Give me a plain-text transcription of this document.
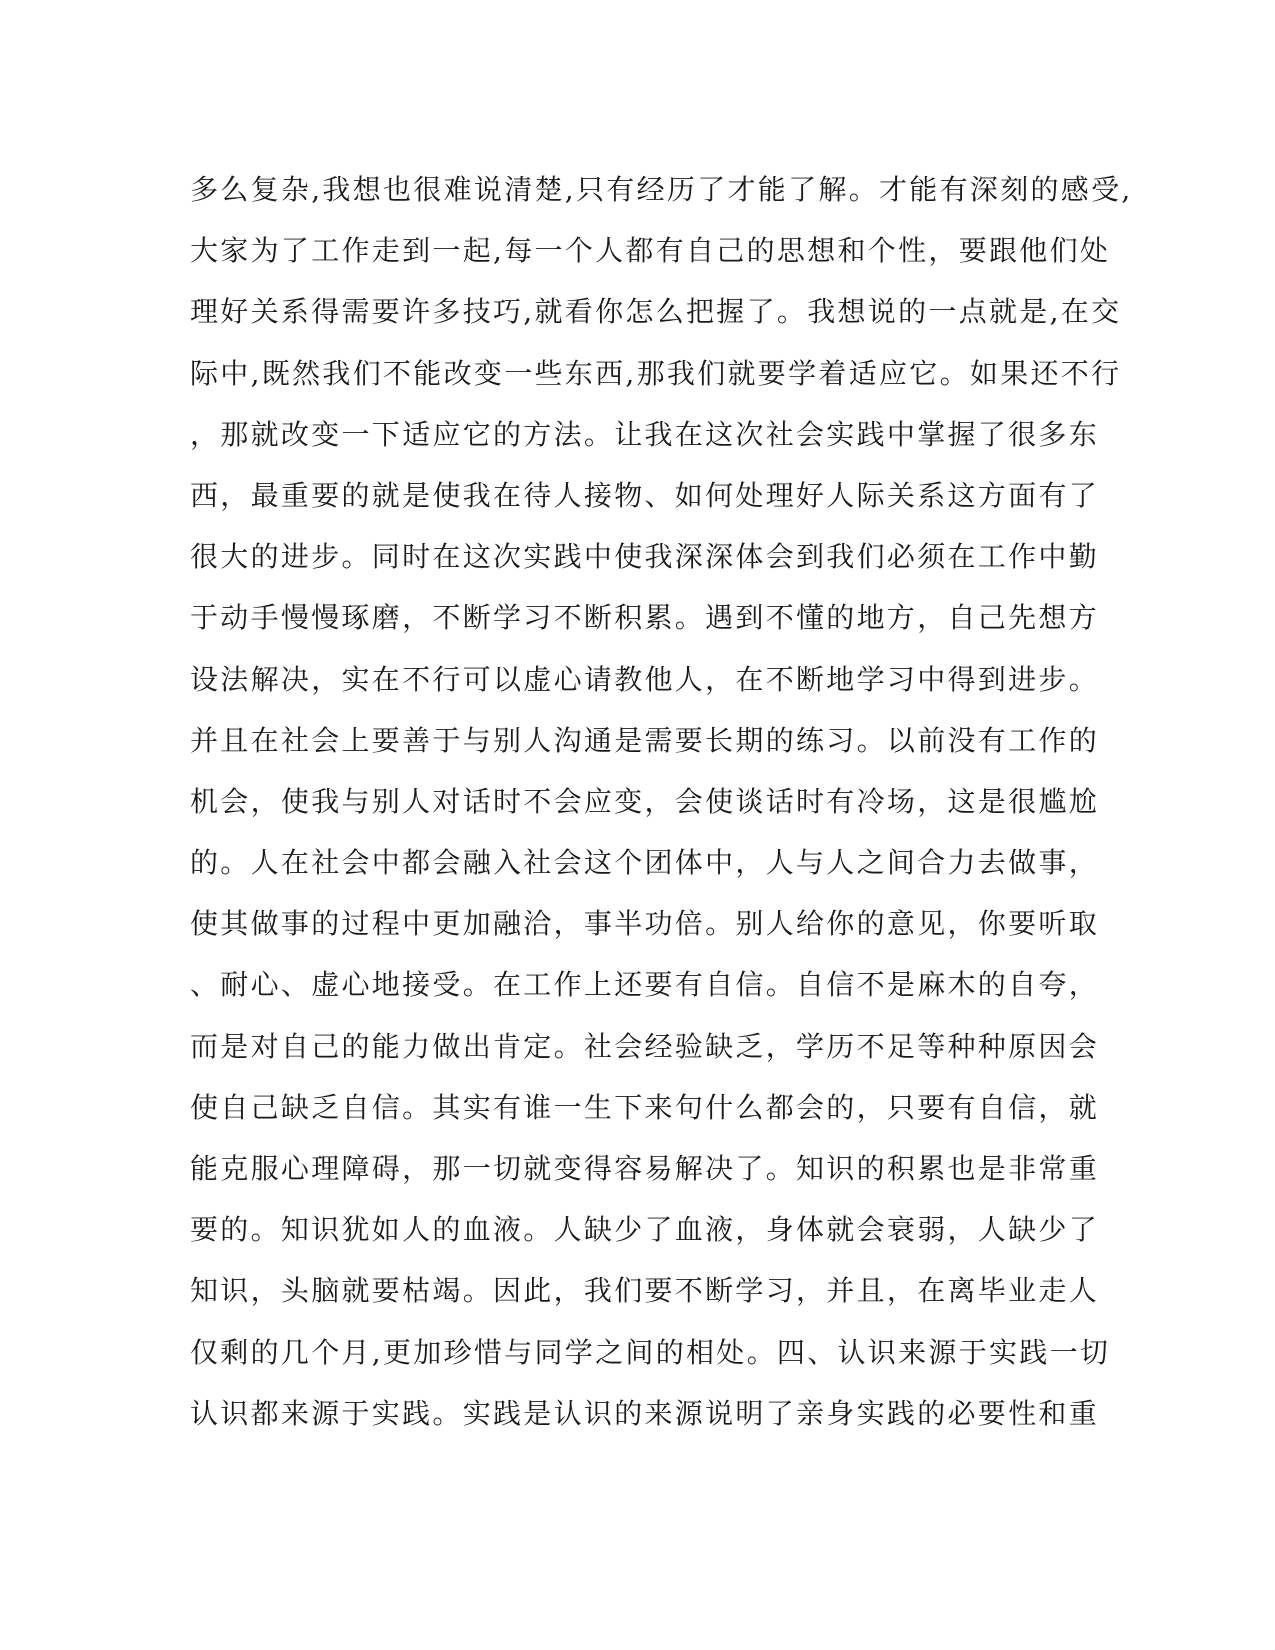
多么复杂,我想也很难说清楚,只有经历了才能了解。才能有深刻的感受,
大家为了工作走到一起,每一个人都有自己的思想和个性，要跟他们处
理好关系得需要许多技巧,就看你怎么把握了。我想说的一点就是,在交
际中,既然我们不能改变一些东西,那我们就要学着适应它。如果还不行
，那就改变一下适应它的方法。让我在这次社会实践中掌握了很多东
西，最重要的就是使我在待人接物、如何处理好人际关系这方面有了
很大的进步。同时在这次实践中使我深深体会到我们必须在工作中勤
于动手慢慢琢磨，不断学习不断积累。遇到不懂的地方，自己先想方
设法解决，实在不行可以虚心请教他人，在不断地学习中得到进步。
并且在社会上要善于与别人沟通是需要长期的练习。以前没有工作的
机会，使我与别人对话时不会应变，会使谈话时有冷场，这是很尴尬
的。人在社会中都会融入社会这个团体中，人与人之间合力去做事，
使其做事的过程中更加融洽，事半功倍。别人给你的意见，你要听取
、耐心、虚心地接受。在工作上还要有自信。自信不是麻木的自夸，
而是对自己的能力做出肯定。社会经验缺乏，学历不足等种种原因会
使自己缺乏自信。其实有谁一生下来句什么都会的，只要有自信，就
能克服心理障碍，那一切就变得容易解决了。知识的积累也是非常重
要的。知识犹如人的血液。人缺少了血液，身体就会衰弱，人缺少了
知识，头脑就要枯竭。因此，我们要不断学习，并且，在离毕业走人
仅剩的几个月,更加珍惜与同学之间的相处。四、认识来源于实践一切
认识都来源于实践。实践是认识的来源说明了亲身实践的必要性和重
